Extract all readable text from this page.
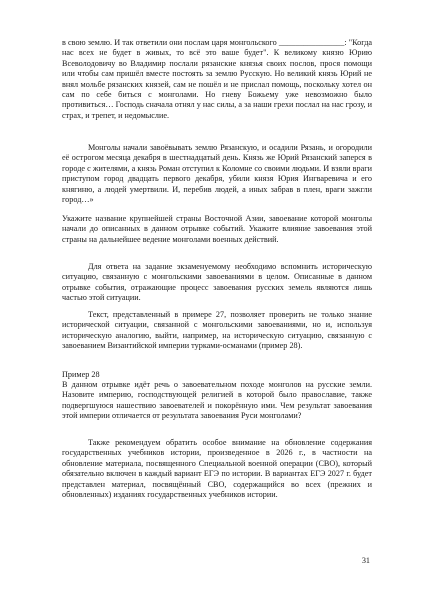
в свою землю. И так ответили они послам царя монгольского ________________: "Когда нас всех не будет в живых, то всё это ваше будет". К великому князю Юрию Всеволодовичу во Владимир послали рязанские князья своих послов, прося помощи или чтобы сам пришёл вместе постоять за землю Русскую. Но великий князь Юрий не внял мольбе рязанских князей, сам не пошёл и не прислал помощь, поскольку хотел он сам по себе биться с монголами. Но гневу Божьему уже невозможно было противиться… Господь сначала отнял у нас силы, а за наши грехи послал на нас грозу, и страх, и трепет, и недомыслие.

Монголы начали завоёвывать землю Рязанскую, и осадили Рязань, и огородили её острогом месяца декабря в шестнадцатый день. Князь же Юрий Рязанский заперся в городе с жителями, а князь Роман отступил к Коломне со своими людьми. И взяли враги приступом город двадцать первого декабря, убили князя Юрия Ингваревича и его княгиню, а людей умертвили. И, перебив людей, а иных забрав в плен, враги зажгли город…»

Укажите название крупнейшей страны Восточной Азии, завоевание которой монголы начали до описанных в данном отрывке событий. Укажите влияние завоевания этой страны на дальнейшее ведение монголами военных действий.

Для ответа на задание экзаменуемому необходимо вспомнить историческую ситуацию, связанную с монгольскими завоеваниями в целом. Описанные в данном отрывке события, отражающие процесс завоевания русских земель являются лишь частью этой ситуации.

Текст, представленный в примере 27, позволяет проверить не только знание исторической ситуации, связанной с монгольскими завоеваниями, но и, используя историческую аналогию, выйти, например, на историческую ситуацию, связанную с завоеванием Византийской империи турками-османами (пример 28).

Пример 28

В данном отрывке идёт речь о завоевательном походе монголов на русские земли. Назовите империю, господствующей религией в которой было православие, также подвергшуюся нашествию завоевателей и покорённую ими. Чем результат завоевания этой империи отличается от результата завоевания Руси монголами?

Также рекомендуем обратить особое внимание на обновление содержания государственных учебников истории, произведенное в 2026 г., в частности на обновление материала, посвященного Специальной военной операции (СВО), который обязательно включен в каждый вариант ЕГЭ по истории. В вариантах ЕГЭ 2027 г. будет представлен материал, посвящённый СВО, содержащийся во всех (прежних и обновленных) изданиях государственных учебников истории.

31
